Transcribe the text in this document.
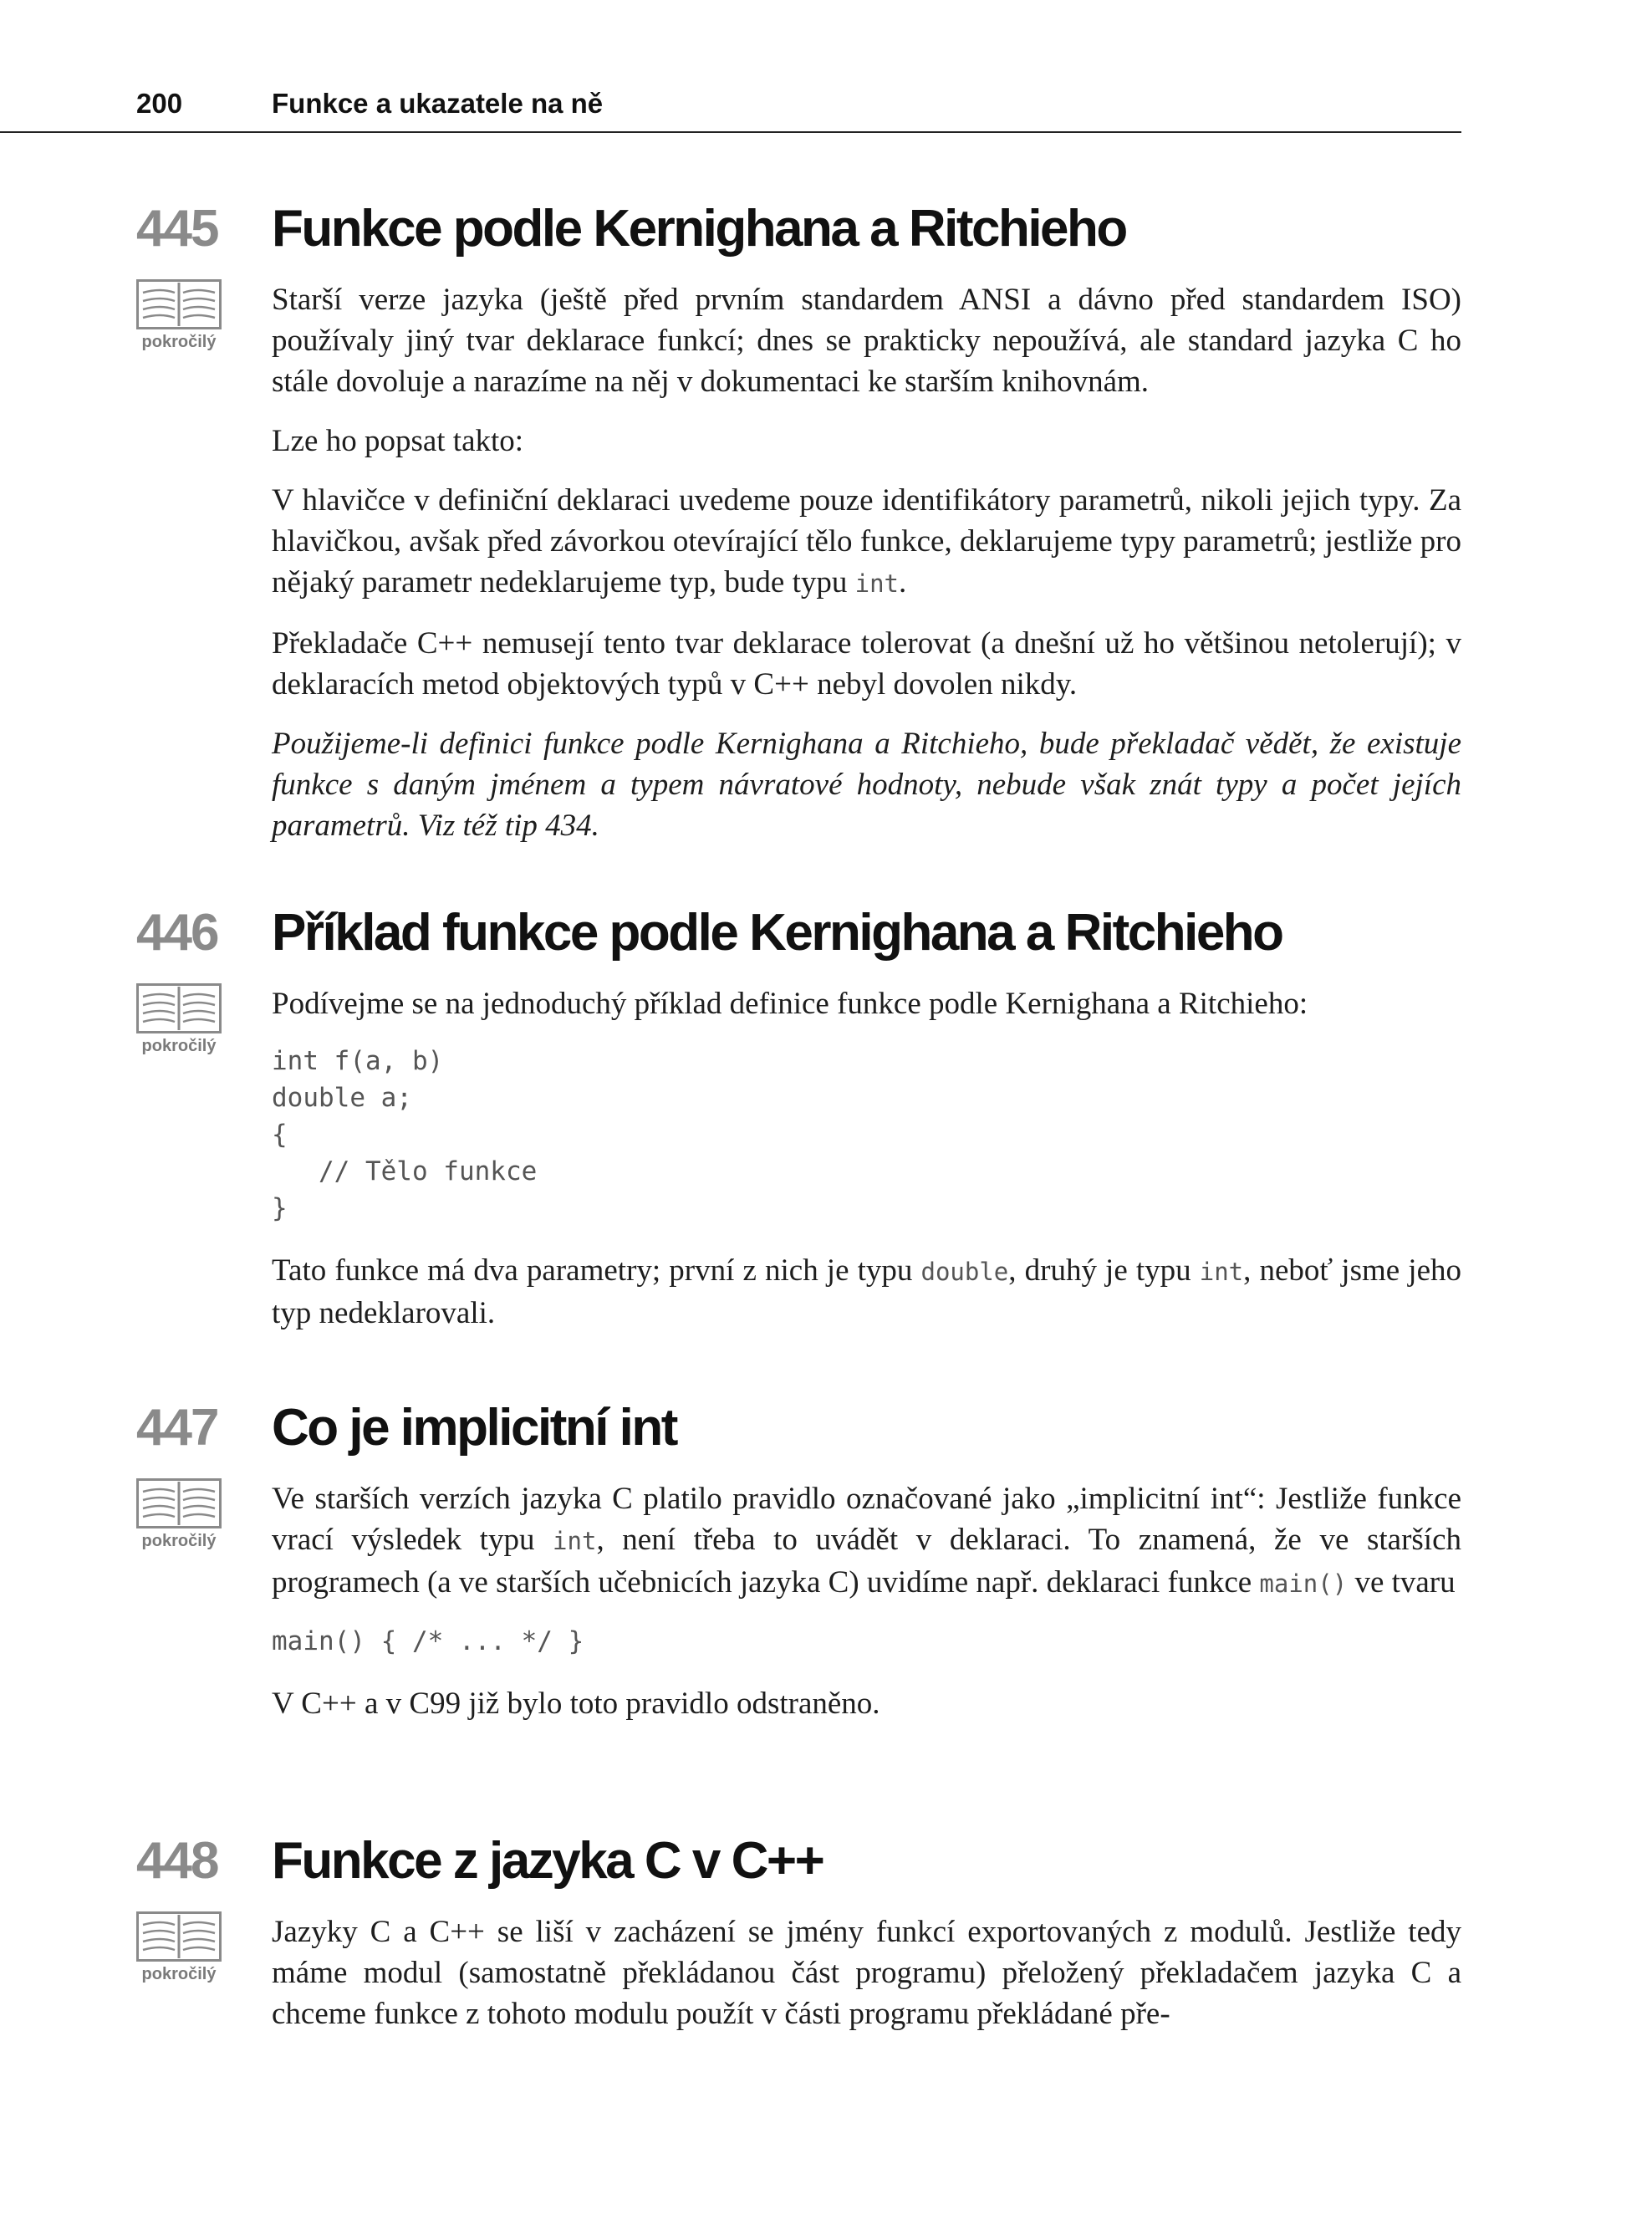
200	Funkce a ukazatele na ně
445 Funkce podle Kernighana a Ritchieho
pokročilý

Starší verze jazyka (ještě před prvním standardem ANSI a dávno před standardem ISO) používaly jiný tvar deklarace funkcí; dnes se prakticky nepoužívá, ale standard jazyka C ho stále dovoluje a narazíme na něj v dokumentaci ke starším knihovnám.

Lze ho popsat takto:

V hlavičce v definiční deklaraci uvedeme pouze identifikátory parametrů, nikoli jejich typy. Za hlavičkou, avšak před závorkou otevírající tělo funkce, deklarujeme typy parametrů; jestliže pro nějaký parametr nedeklarujeme typ, bude typu int.

Překladače C++ nemusejí tento tvar deklarace tolerovat (a dnešní už ho většinou netolerují); v deklaracích metod objektových typů v C++ nebyl dovolen nikdy.

Použijeme-li definici funkce podle Kernighana a Ritchieho, bude překladač vědět, že existuje funkce s daným jménem a typem návratové hodnoty, nebude však znát typy a počet jejích parametrů. Viz též tip 434.

446 Příklad funkce podle Kernighana a Ritchieho
pokročilý

Podívejme se na jednoduchý příklad definice funkce podle Kernighana a Ritchieho:

int f(a, b)
double a;
{
// Tělo funkce
}

Tato funkce má dva parametry; první z nich je typu double, druhý je typu int, neboť jsme jeho typ nedeklarovali.

447 Co je implicitní int
pokročilý

Ve starších verzích jazyka C platilo pravidlo označované jako „implicitní int“: Jestliže funkce vrací výsledek typu int, není třeba to uvádět v deklaraci. To znamená, že ve starších programech (a ve starších učebnicích jazyka C) uvidíme např. deklaraci funkce main() ve tvaru

main() { /* ... */ }

V C++ a v C99 již bylo toto pravidlo odstraněno.

448 Funkce z jazyka C v C++
pokročilý

Jazyky C a C++ se liší v zacházení se jmény funkcí exportovaných z modulů. Jestliže tedy máme modul (samostatně překládanou část programu) přeložený překladačem jazyka C a chceme funkce z tohoto modulu použít v části programu překládané pře-
